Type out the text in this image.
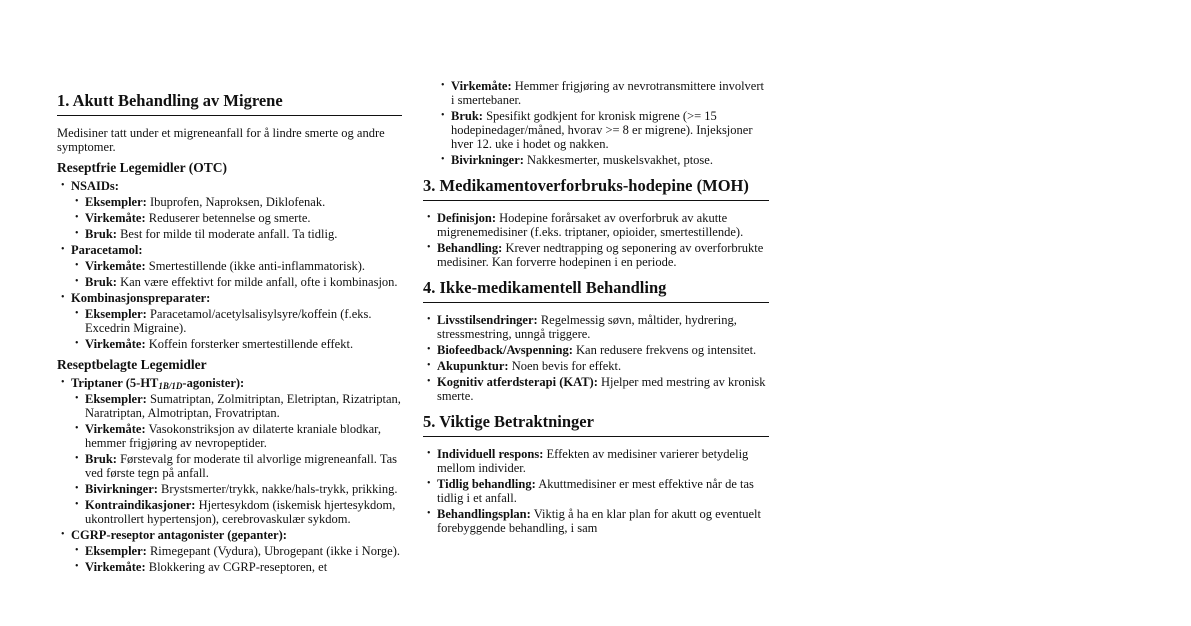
1. Akutt Behandling av Migrene

Medisiner tatt under et migreneanfall for å lindre smerte og andre symptomer.

Reseptfrie Legemidler (OTC)
• NSAIDs:
• Eksempler: Ibuprofen, Naproksen, Diklofenak.
• Virkemåte: Reduserer betennelse og smerte.
• Bruk: Best for milde til moderate anfall. Ta tidlig.
• Paracetamol:
• Virkemåte: Smertestillende (ikke anti-inflammatorisk).
• Bruk: Kan være effektivt for milde anfall, ofte i kombinasjon.
• Kombinasjonspreparater:
• Eksempler: Paracetamol/acetylsalisylsyre/koffein (f.eks. Excedrin Migraine).
• Virkemåte: Koffein forsterker smertestillende effekt.
Reseptbelagte Legemidler
• Triptaner $(5-HT_{1B/1D}-agonister)$:
• Eksempler: Sumatriptan, Zolmitriptan, Eletriptan, Rizatriptan, Naratriptan, Almotriptan, Frovatriptan.
• Virkemåte: Vasokonstriksjon av dilaterte kraniale blodkar, hemmer frigjøring av nevropeptider.
• Bruk: Førstevalg for moderate til alvorlige migreneanfall. Tas ved første tegn på anfall.
• Bivirkninger: Brystsmerter/trykk, nakke/hals-trykk, prikking.
• Kontraindikasjoner: Hjertesykdom (iskemisk hjertesykdom, ukontrollert hypertensjon), cerebrovaskulær sykdom.
• CGRP-reseptor antagonister (gepanter):
• Eksempler: Rimegepant (Vydura), Ubrogepant (ikke i Norge).
• Virkemåte: Blokkering av CGRP-reseptoren, et
• Virkemåte: Hemmer frigjøring av nevrotransmittere involvert i smertebaner.
• Bruk: Spesifikt godkjent for kronisk migrene (>= 15 hodepinedager/måned, hvorav >= 8 er migrene). Injeksjoner hver 12. uke i hodet og nakken.
• Bivirkninger: Nakkesmerter, muskelsvakhet, ptose.
3. Medikamentoverforbruks-hodepine (MOH)
• Definisjon: Hodepine forårsaket av overforbruk av akutte migrenemedisiner (f.eks. triptaner, opioider, smertestillende).
• Behandling: Krever nedtrapping og seponering av overforbrukte medisiner. Kan forverre hodepinen i en periode.
4. Ikke-medikamentell Behandling
• Livsstilsendringer: Regelmessig søvn, måltider, hydrering, stressmestring, unngå triggere.
• Biofeedback/Avspenning: Kan redusere frekvens og intensitet.
• Akupunktur: Noen bevis for effekt.
• Kognitiv atferdsterapi (KAT): Hjelper med mestring av kronisk smerte.
5. Viktige Betraktninger
• Individuell respons: Effekten av medisiner varierer betydelig mellom individer.
• Tidlig behandling: Akuttmedisiner er mest effektive når de tas tidlig i et anfall.
• Behandlingsplan: Viktig å ha en klar plan for akutt og eventuelt forebyggende behandling, i sam
